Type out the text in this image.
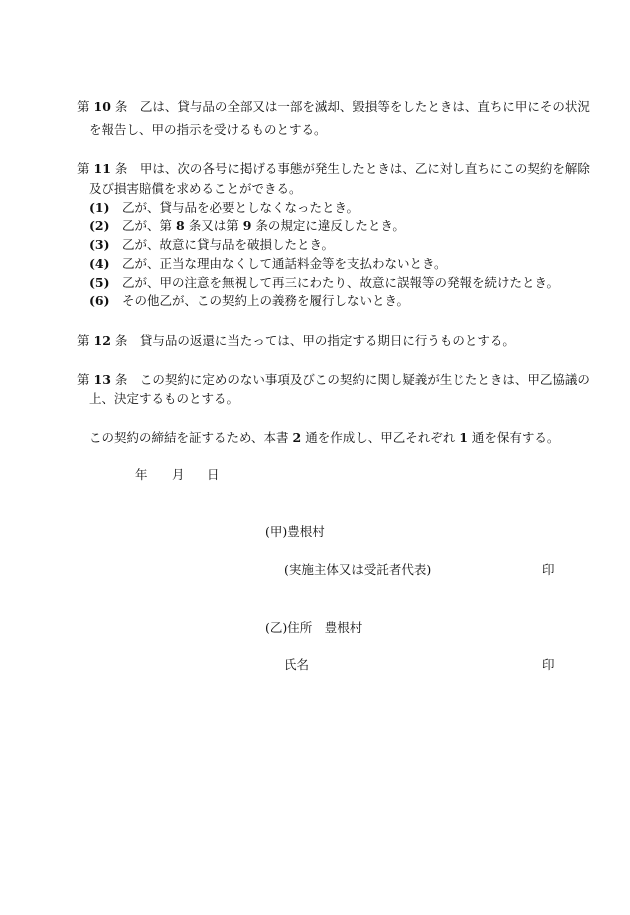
第 10 条　 乙は、貸与品の全部又は一部を滅却、毀損等をしたときは、直ちに甲にその状況
を報告し、甲の指示を受けるものとする。
第 11 条　 甲は、次の各号に掲げる事態が発生したときは、乙に対し直ちにこの契約を解除
及び損害賠償を求めることができる。
(1)　 乙が、貸与品を必要としなくなったとき。
(2)　 乙が、第 8 条又は第 9 条の規定に違反したとき。
(3)　 乙が、故意に貸与品を破損したとき。
(4)　 乙が、正当な理由なくして通話料金等を支払わないとき。
(5)　 乙が、甲の注意を無視して再三にわたり、故意に誤報等の発報を続けたとき。
(6)　 その他乙が、この契約上の義務を履行しないとき。
第 12 条　 貸与品の返還に当たっては、甲の指定する期日に行うものとする。
第 13 条　 この契約に定めのない事項及びこの契約に関し疑義が生じたときは、甲乙協議の
上、決定するものとする。
この契約の締結を証するため、本書 2 通を作成し、甲乙それぞれ 1 通を保有する。
年 月 日
(甲)豊根村
(実施主体又は受託者代表)	印
(乙)住所　 豊根村
氏名	印
